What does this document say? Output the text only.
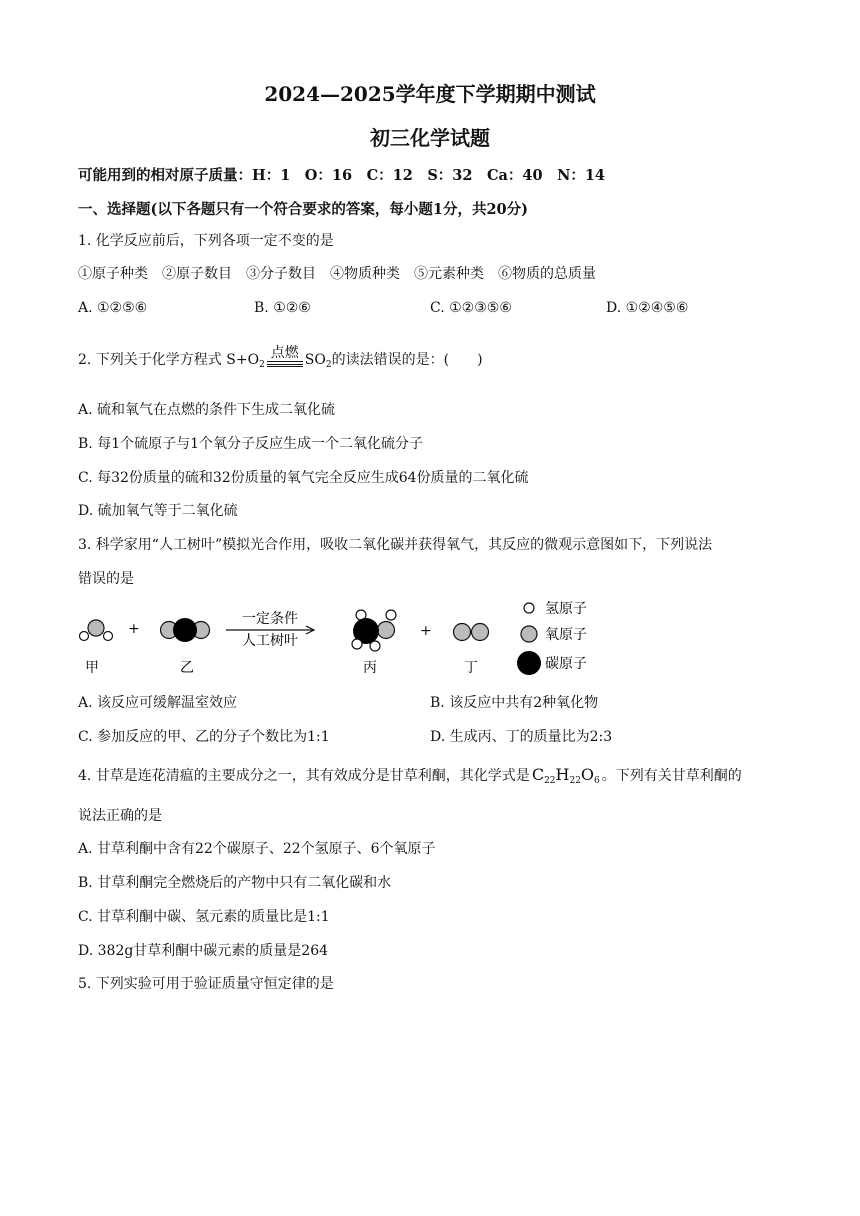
2024—2025学年度下学期期中测试
初三化学试题
可能用到的相对原子质量：H：1　O：16　C：12　S：32　Ca：40　N：14
一、选择题(以下各题只有一个符合要求的答案，每小题1分，共20分)
1. 化学反应前后，下列各项一定不变的是
①原子种类　②原子数目　③分子数目　④物质种类　⑤元素种类　⑥物质的总质量
A. ①②⑤⑥	B. ①②⑥	C. ①②③⑤⑥	D. ①②④⑤⑥
2. 下列关于化学方程式 $S+O_2$
点燃 $SO_2$的读法错误的是：(　　)
A. 硫和氧气在点燃的条件下生成二氧化硫
B. 每1个硫原子与1个氧分子反应生成一个二氧化硫分子
C. 每32份质量的硫和32份质量的氧气完全反应生成64份质量的二氧化硫
D. 硫加氧气等于二氧化硫
3. 科学家用“人工树叶”模拟光合作用，吸收二氧化碳并获得氧气，其反应的微观示意图如下，下列说法
错误的是
+
一定条件
人工树叶
+
甲	乙	丙	丁
氢原子
氧原子
碳原子
A. 该反应可缓解温室效应	B. 该反应中共有2种氧化物
C. 参加反应的甲、乙的分子个数比为1:1	D. 生成丙、丁的质量比为2:3
4. 甘草是连花清瘟的主要成分之一，其有效成分是甘草利酮，其化学式是 $C_{22}H_{22}O_6$ 。下列有关甘草利酮的
说法正确的是
A. 甘草利酮中含有22个碳原子、22个氢原子、6个氧原子
B. 甘草利酮完全燃烧后的产物中只有二氧化碳和水
C. 甘草利酮中碳、氢元素的质量比是1:1
D. 382g甘草利酮中碳元素的质量是264
5. 下列实验可用于验证质量守恒定律的是
